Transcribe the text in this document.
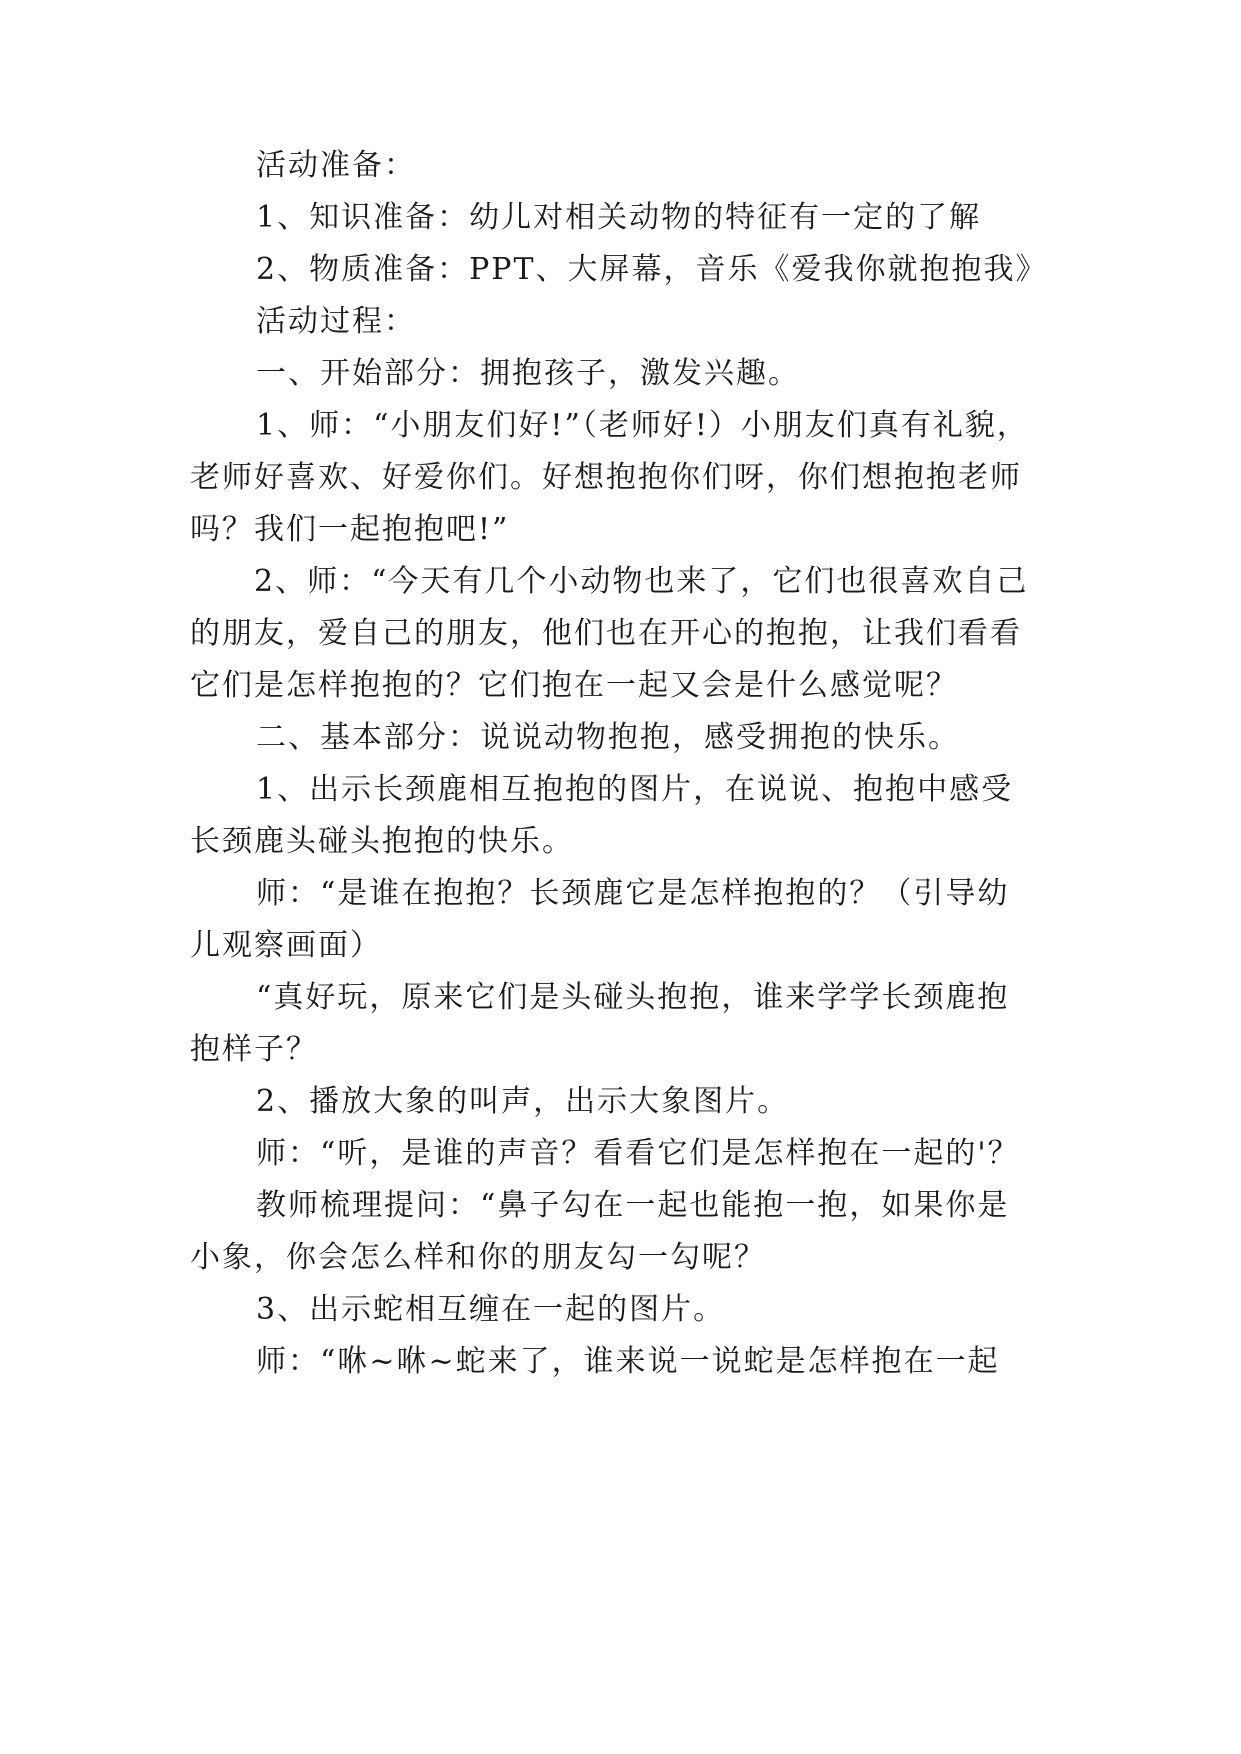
活动准备：
1、知识准备：幼儿对相关动物的特征有一定的了解
2、物质准备：PPT、大屏幕，音乐《爱我你就抱抱我》
活动过程：
一、开始部分：拥抱孩子，激发兴趣。
1、师：“小朋友们好!”（老师好!）小朋友们真有礼貌，
老师好喜欢、好爱你们。好想抱抱你们呀，你们想抱抱老师
吗？我们一起抱抱吧!”
2、师：“今天有几个小动物也来了，它们也很喜欢自己
的朋友，爱自己的朋友，他们也在开心的抱抱，让我们看看
它们是怎样抱抱的？它们抱在一起又会是什么感觉呢？
二、基本部分：说说动物抱抱，感受拥抱的快乐。
1、出示长颈鹿相互抱抱的图片，在说说、抱抱中感受
长颈鹿头碰头抱抱的快乐。
师：“是谁在抱抱？长颈鹿它是怎样抱抱的？（引导幼
儿观察画面）
“真好玩，原来它们是头碰头抱抱，谁来学学长颈鹿抱
抱样子？
2、播放大象的叫声，出示大象图片。
师：“听，是谁的声音？看看它们是怎样抱在一起的'？
教师梳理提问：“鼻子勾在一起也能抱一抱，如果你是
小象，你会怎么样和你的朋友勾一勾呢？
3、出示蛇相互缠在一起的图片。
师：“咻~咻~蛇来了，谁来说一说蛇是怎样抱在一起
